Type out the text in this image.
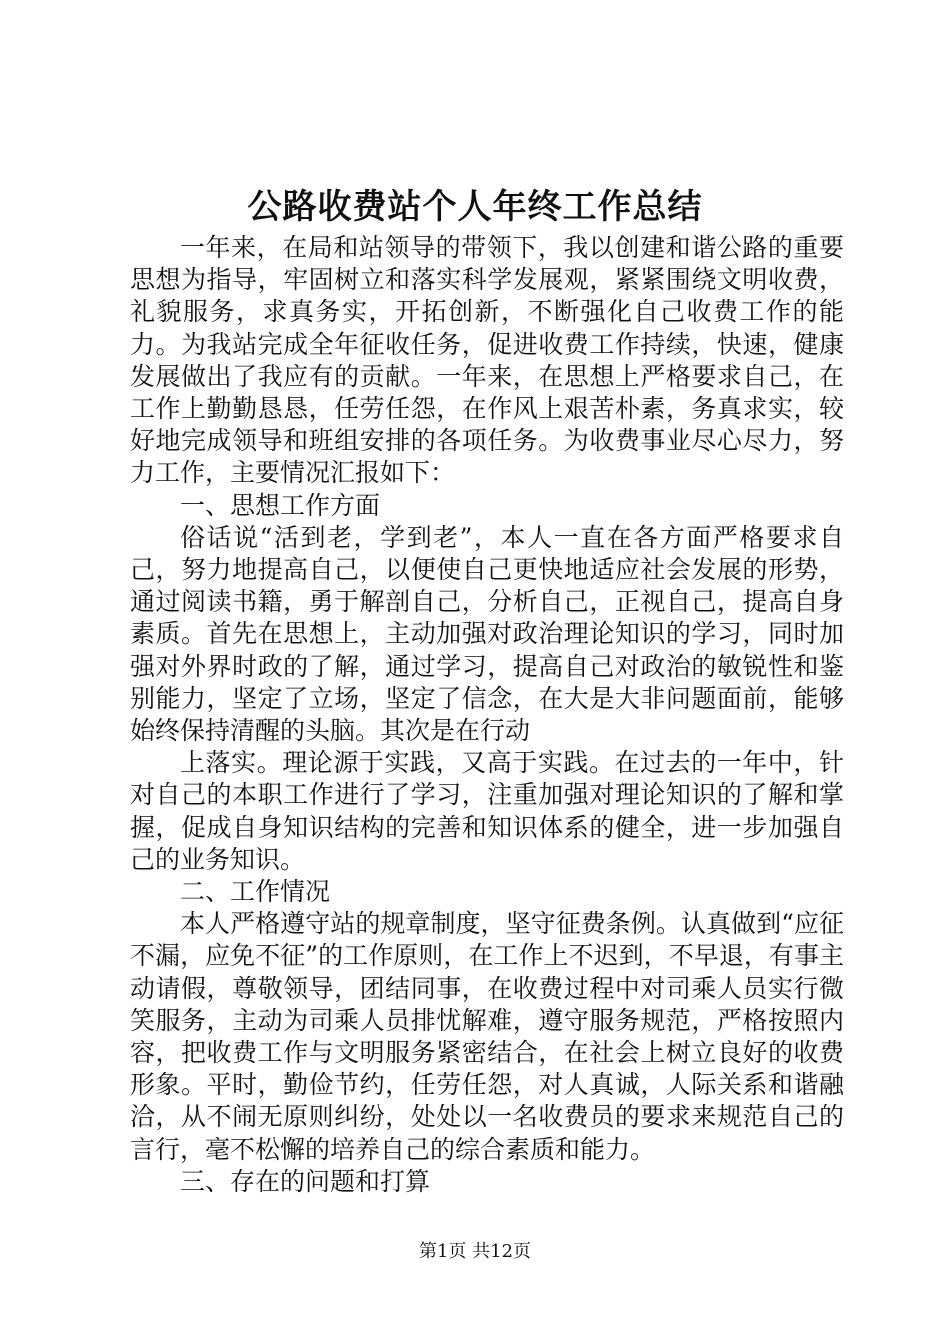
公路收费站个人年终工作总结

一年来，在局和站领导的带领下，我以创建和谐公路的重要思想为指导，牢固树立和落实科学发展观，紧紧围绕文明收费，礼貌服务，求真务实，开拓创新，不断强化自己收费工作的能力。为我站完成全年征收任务，促进收费工作持续，快速，健康发展做出了我应有的贡献。一年来，在思想上严格要求自己，在工作上勤勤恳恳，任劳任怨，在作风上艰苦朴素，务真求实，较好地完成领导和班组安排的各项任务。为收费事业尽心尽力，努力工作，主要情况汇报如下：

一、思想工作方面

俗话说“活到老，学到老”，本人一直在各方面严格要求自己，努力地提高自己，以便使自己更快地适应社会发展的形势，通过阅读书籍，勇于解剖自己，分析自己，正视自己，提高自身素质。首先在思想上，主动加强对政治理论知识的学习，同时加强对外界时政的了解，通过学习，提高自己对政治的敏锐性和鉴别能力，坚定了立场，坚定了信念，在大是大非问题面前，能够始终保持清醒的头脑。其次是在行动

上落实。理论源于实践，又高于实践。在过去的一年中，针对自己的本职工作进行了学习，注重加强对理论知识的了解和掌握，促成自身知识结构的完善和知识体系的健全，进一步加强自己的业务知识。

二、工作情况

本人严格遵守站的规章制度，坚守征费条例。认真做到“应征不漏，应免不征”的工作原则，在工作上不迟到，不早退，有事主动请假，尊敬领导，团结同事，在收费过程中对司乘人员实行微笑服务，主动为司乘人员排忧解难，遵守服务规范，严格按照内容，把收费工作与文明服务紧密结合，在社会上树立良好的收费形象。平时，勤俭节约，任劳任怨，对人真诚，人际关系和谐融洽，从不闹无原则纠纷，处处以一名收费员的要求来规范自己的言行，毫不松懈的培养自己的综合素质和能力。

三、存在的问题和打算

第1页 共12页
